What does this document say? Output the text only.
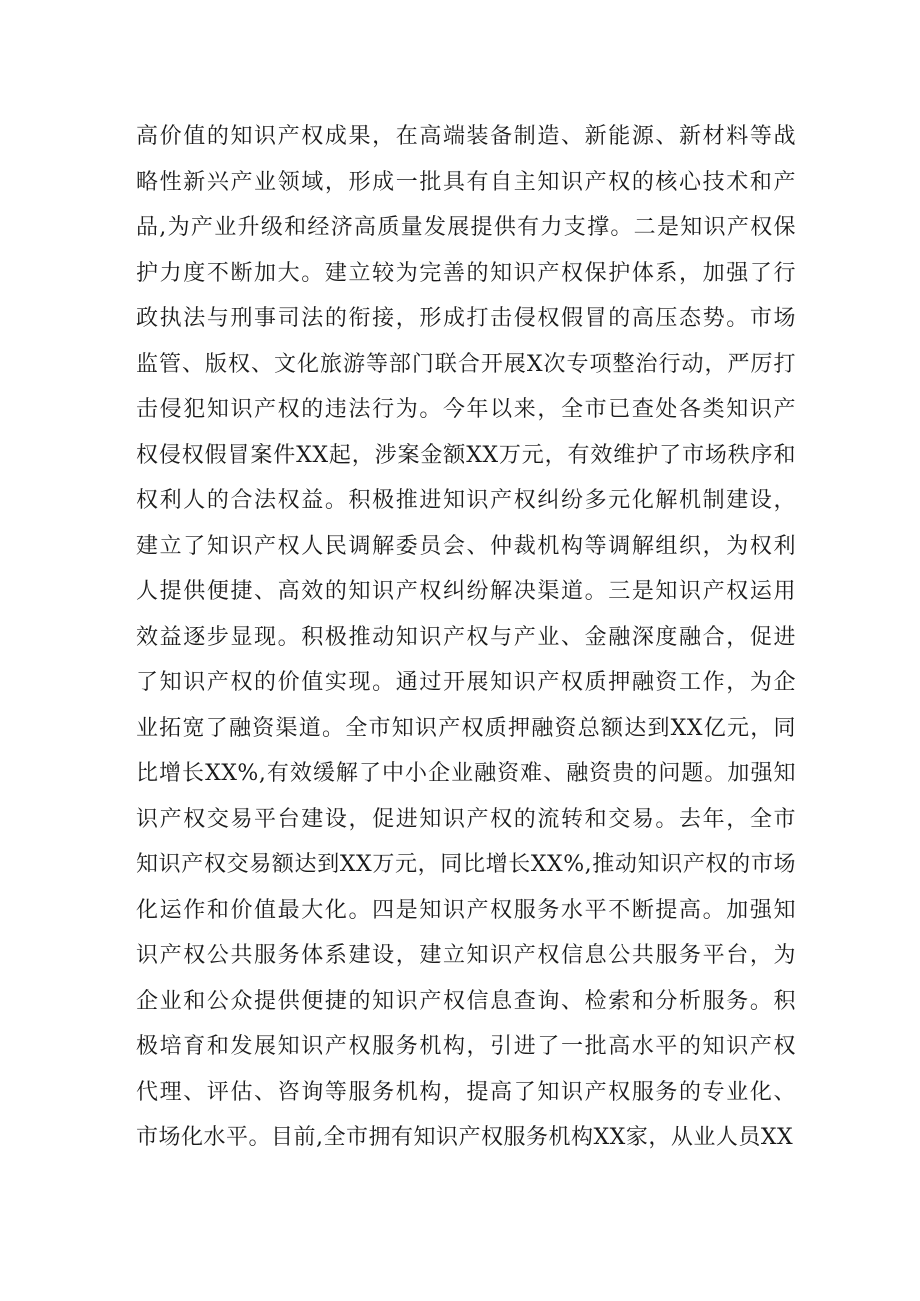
高价值的知识产权成果，在高端装备制造、新能源、新材料等战
略性新兴产业领域，形成一批具有自主知识产权的核心技术和产
品,为产业升级和经济高质量发展提供有力支撑。二是知识产权保
护力度不断加大。建立较为完善的知识产权保护体系，加强了行
政执法与刑事司法的衔接，形成打击侵权假冒的高压态势。市场
监管、版权、文化旅游等部门联合开展X次专项整治行动，严厉打
击侵犯知识产权的违法行为。今年以来，全市已查处各类知识产
权侵权假冒案件XX起，涉案金额XX万元，有效维护了市场秩序和
权利人的合法权益。积极推进知识产权纠纷多元化解机制建设，
建立了知识产权人民调解委员会、仲裁机构等调解组织，为权利
人提供便捷、高效的知识产权纠纷解决渠道。三是知识产权运用
效益逐步显现。积极推动知识产权与产业、金融深度融合，促进
了知识产权的价值实现。通过开展知识产权质押融资工作，为企
业拓宽了融资渠道。全市知识产权质押融资总额达到XX亿元，同
比增长XX%,有效缓解了中小企业融资难、融资贵的问题。加强知
识产权交易平台建设，促进知识产权的流转和交易。去年，全市
知识产权交易额达到XX万元，同比增长XX%,推动知识产权的市场
化运作和价值最大化。四是知识产权服务水平不断提高。加强知
识产权公共服务体系建设，建立知识产权信息公共服务平台，为
企业和公众提供便捷的知识产权信息查询、检索和分析服务。积
极培育和发展知识产权服务机构，引进了一批高水平的知识产权
代理、评估、咨询等服务机构，提高了知识产权服务的专业化、
市场化水平。目前,全市拥有知识产权服务机构XX家，从业人员XX
